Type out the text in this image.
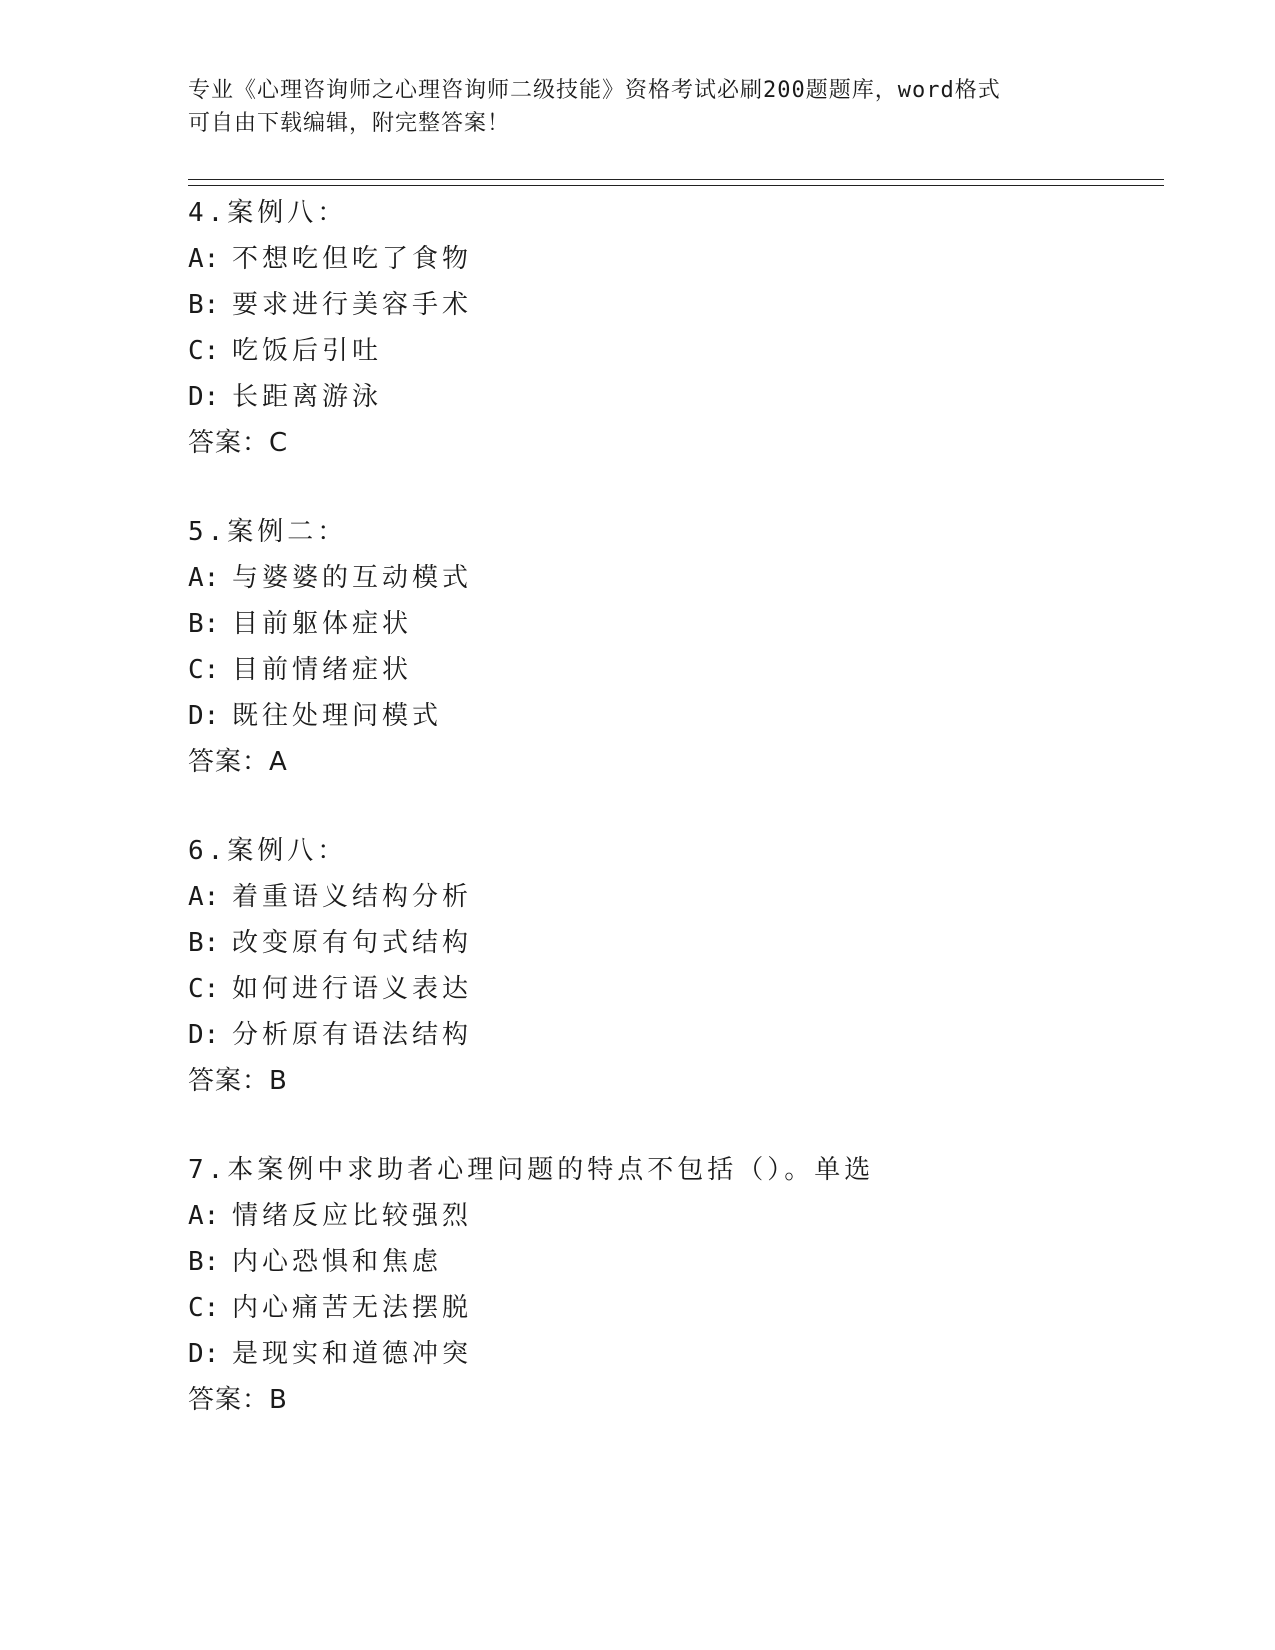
专业《心理咨询师之心理咨询师二级技能》资格考试必刷200题题库，word格式
可自由下载编辑，附完整答案！
4.案例八：
A: 不想吃但吃了食物
B: 要求进行美容手术
C: 吃饭后引吐
D: 长距离游泳
答案：C
5.案例二：
A: 与婆婆的互动模式
B: 目前躯体症状
C: 目前情绪症状
D: 既往处理问模式
答案：A
6.案例八：
A: 着重语义结构分析
B: 改变原有句式结构
C: 如何进行语义表达
D: 分析原有语法结构
答案：B
7.本案例中求助者心理问题的特点不包括（）。单选
A: 情绪反应比较强烈
B: 内心恐惧和焦虑
C: 内心痛苦无法摆脱
D: 是现实和道德冲突
答案：B
